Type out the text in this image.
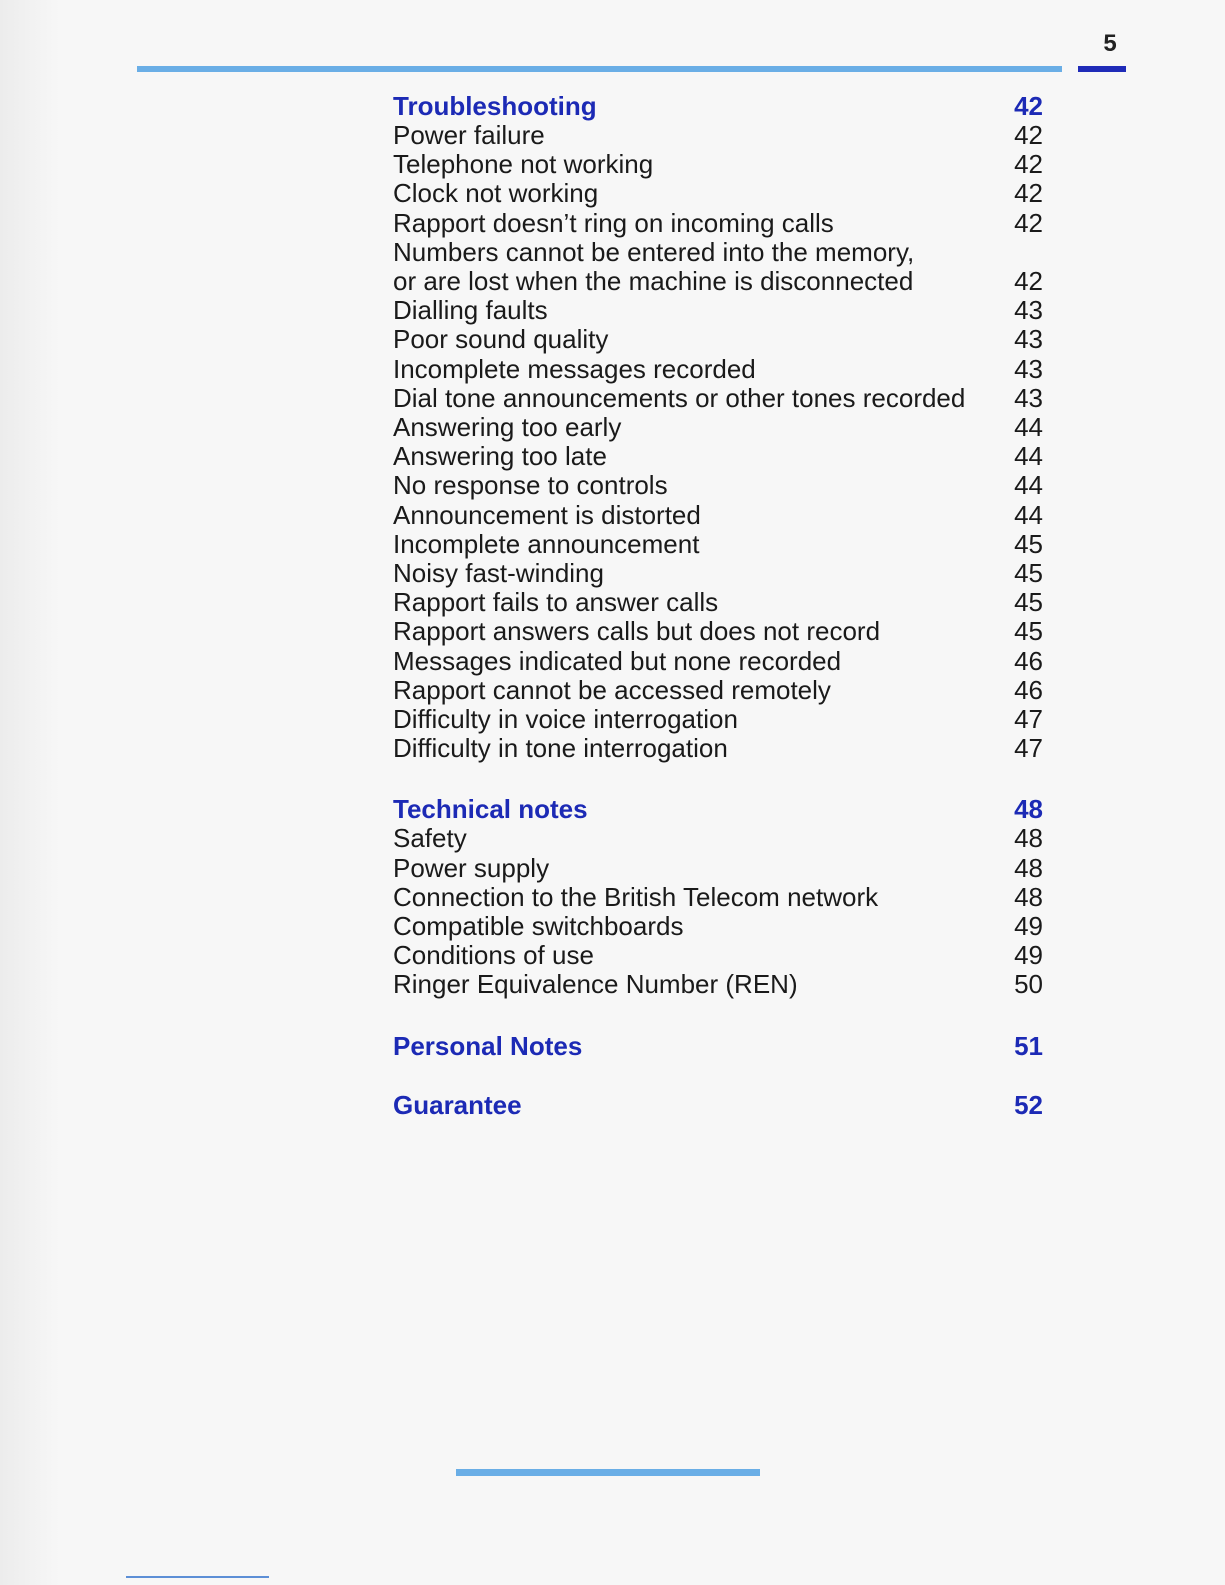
5
Troubleshooting	42
Power failure	42
Telephone not working	42
Clock not working	42
Rapport doesn’t ring on incoming calls	42
Numbers cannot be entered into the memory,
or are lost when the machine is disconnected	42
Dialling faults	43
Poor sound quality	43
Incomplete messages recorded	43
Dial tone announcements or other tones recorded	43
Answering too early	44
Answering too late	44
No response to controls	44
Announcement is distorted	44
Incomplete announcement	45
Noisy fast-winding	45
Rapport fails to answer calls	45
Rapport answers calls but does not record	45
Messages indicated but none recorded	46
Rapport cannot be accessed remotely	46
Difficulty in voice interrogation	47
Difficulty in tone interrogation	47
Technical notes	48
Safety	48
Power supply	48
Connection to the British Telecom network	48
Compatible switchboards	49
Conditions of use	49
Ringer Equivalence Number (REN)	50
Personal Notes	51
Guarantee	52
